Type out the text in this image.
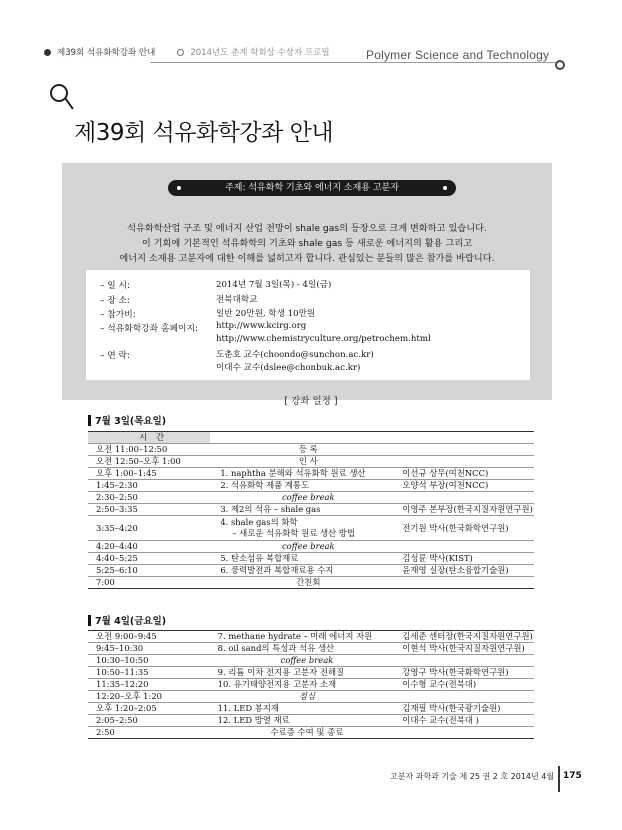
제39회 석유화학강좌 안내	2014년도 춘계 학회상 수상자 프로필	Polymer Science and Technology
제39회 석유화학강좌 안내
주제: 석유화학 기초와 에너지 소재용 고분자
석유화학산업 구조 및 에너지 산업 전망이 shale gas의 등장으로 크게 변화하고 있습니다.
이 기회에 기본적인 석유화학의 기초와 shale gas 등 새로운 에너지의 활용 그리고
에너지 소재용 고분자에 대한 이해를 넓히고자 합니다. 관심있는 분들의 많은 참가를 바랍니다.
– 일 시:	2014년 7월 3일(목) - 4일(금)
– 장 소:	전북대학교
– 참가비:	일반 20만원, 학생 10만원
– 석유화학강좌 홈페이지: http://www.kcirg.org
http://www.chemistryculture.org/petrochem.html
– 연 락:	도춘호 교수(choondo@sunchon.ac.kr)
이대수 교수(dslee@chonbuk.ac.kr)
[ 강좌 일정 ]
7월 3일(목요일)
시 간		
오전 11:00–12:50	등 록	
오전 12:50–오후 1:00	인 사	
오후 1:00–1:45	1. naphtha 분해와 석유화학 원료 생산	이선규 상무(여천NCC)
1:45–2:30	2. 석유화학 제품 계통도	오양석 부장(여천NCC)
2:30–2:50	coffee break	
2:50–3:35	3. 제2의 석유 – shale gas	이영주 본부장(한국지질자원연구원)
3:35–4:20	4. shale gas의 화학
– 새로운 석유화학 원료 생산 방법	전기원 박사(한국화학연구원)
4:20–4:40	coffee break	
4:40–5:25	5. 탄소섬유 복합재료	김성륜 박사(KIST)
5:25–6:10	6. 풍력발전과 복합재료용 수지	윤재영 실장(탄소융합기술원)
7:00	간친회	
7월 4일(금요일)
오전 9:00–9:45	7. methane hydrate – 미래 에너지 자원	김세준 센터장(한국지질자원연구원)
9:45–10:30	8. oil sand의 특성과 석유 생산	이현석 박사(한국지질자원연구원)
10:30–10:50	coffee break	
10:50–11:35	9. 리튬 이차 전지용 고분자 전해질	강영구 박사(한국화학연구원)
11:35–12:20	10. 유기태양전지용 고분자 소재	이수형 교수(전북대)
12:20–오후 1:20	점심	
오후 1:20–2:05	11. LED 봉지재	김재필 박사(한국광기술원)
2:05–2:50	12. LED 방열 재료	이대수 교수(전북대 )
2:50	수료증 수여 및 종료	
고분자 과학과 기술 제 25 권 2 호 2014년 4월 175
